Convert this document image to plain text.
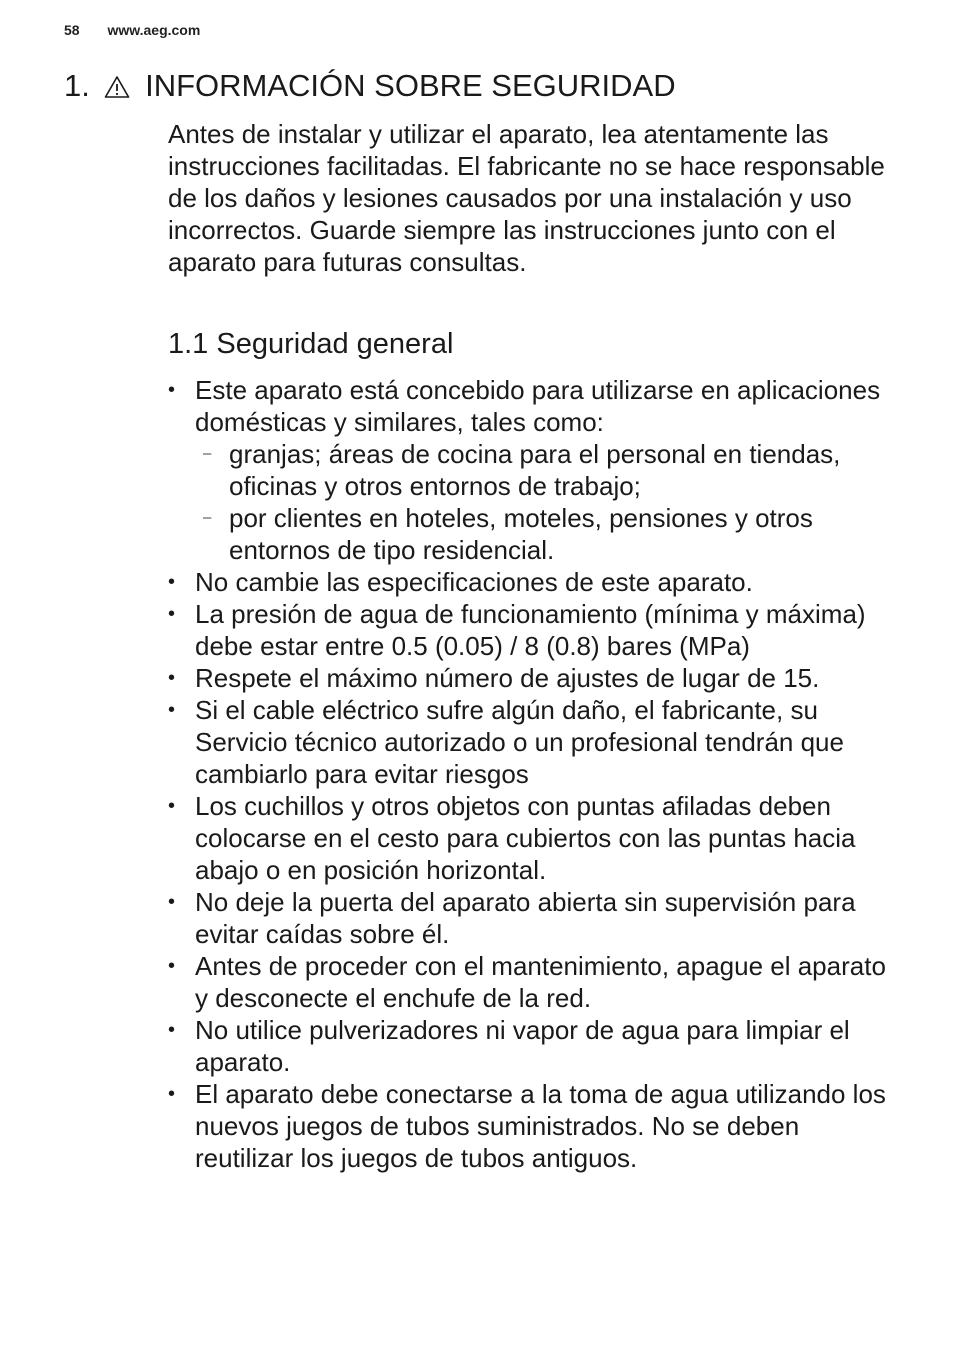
58 www.aeg.com
1. INFORMACIÓN SOBRE SEGURIDAD

Antes de instalar y utilizar el aparato, lea atentamente las instrucciones facilitadas. El fabricante no se hace responsable de los daños y lesiones causados por una instalación y uso incorrectos. Guarde siempre las instrucciones junto con el aparato para futuras consultas.

1.1 Seguridad general
• Este aparato está concebido para utilizarse en aplicaciones domésticas y similares, tales como:
– granjas; áreas de cocina para el personal en tiendas, oficinas y otros entornos de trabajo;
– por clientes en hoteles, moteles, pensiones y otros entornos de tipo residencial.
• No cambie las especificaciones de este aparato.
• La presión de agua de funcionamiento (mínima y máxima) debe estar entre 0.5 (0.05) / 8 (0.8) bares (MPa)
• Respete el máximo número de ajustes de lugar de 15.
• Si el cable eléctrico sufre algún daño, el fabricante, su Servicio técnico autorizado o un profesional tendrán que cambiarlo para evitar riesgos
• Los cuchillos y otros objetos con puntas afiladas deben colocarse en el cesto para cubiertos con las puntas hacia abajo o en posición horizontal.
• No deje la puerta del aparato abierta sin supervisión para evitar caídas sobre él.
• Antes de proceder con el mantenimiento, apague el aparato y desconecte el enchufe de la red.
• No utilice pulverizadores ni vapor de agua para limpiar el aparato.
• El aparato debe conectarse a la toma de agua utilizando los nuevos juegos de tubos suministrados. No se deben reutilizar los juegos de tubos antiguos.
